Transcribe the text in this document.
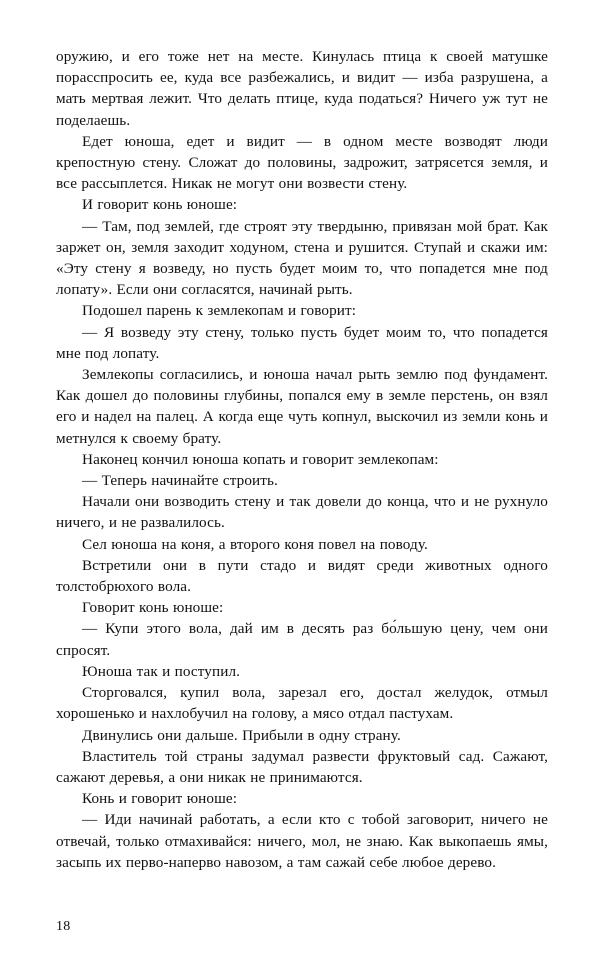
оружию, и его тоже нет на месте. Кинулась птица к своей матушке порасспросить ее, куда все разбежались, и видит — изба разрушена, а мать мертвая лежит. Что делать птице, куда податься? Ничего уж тут не поделаешь.

Едет юноша, едет и видит — в одном месте возводят люди крепостную стену. Сложат до половины, задрожит, затрясется земля, и все рассыплется. Никак не могут они возвести стену.

И говорит конь юноше:

— Там, под землей, где строят эту твердыню, привязан мой брат. Как заржет он, земля заходит ходуном, стена и рушится. Ступай и скажи им: «Эту стену я возведу, но пусть будет моим то, что попадется мне под лопату». Если они согласятся, начинай рыть.

Подошел парень к землекопам и говорит:

— Я возведу эту стену, только пусть будет моим то, что попадется мне под лопату.

Землекопы согласились, и юноша начал рыть землю под фундамент. Как дошел до половины глубины, попался ему в земле перстень, он взял его и надел на палец. А когда еще чуть копнул, выскочил из земли конь и метнулся к своему брату.

Наконец кончил юноша копать и говорит землекопам:

— Теперь начинайте строить.

Начали они возводить стену и так довели до конца, что и не рухнуло ничего, и не развалилось.

Сел юноша на коня, а второго коня повел на поводу.

Встретили они в пути стадо и видят среди животных одного толстобрюхого вола.

Говорит конь юноше:

— Купи этого вола, дай им в десять раз бо́льшую цену, чем они спросят.

Юноша так и поступил.

Сторговался, купил вола, зарезал его, достал желудок, отмыл хорошенько и нахлобучил на голову, а мясо отдал пастухам.

Двинулись они дальше. Прибыли в одну страну.

Властитель той страны задумал развести фруктовый сад. Сажают, сажают деревья, а они никак не принимаются.

Конь и говорит юноше:

— Иди начинай работать, а если кто с тобой заговорит, ничего не отвечай, только отмахивайся: ничего, мол, не знаю. Как выкопаешь ямы, засыпь их перво-наперво навозом, а там сажай себе любое дерево.

18
